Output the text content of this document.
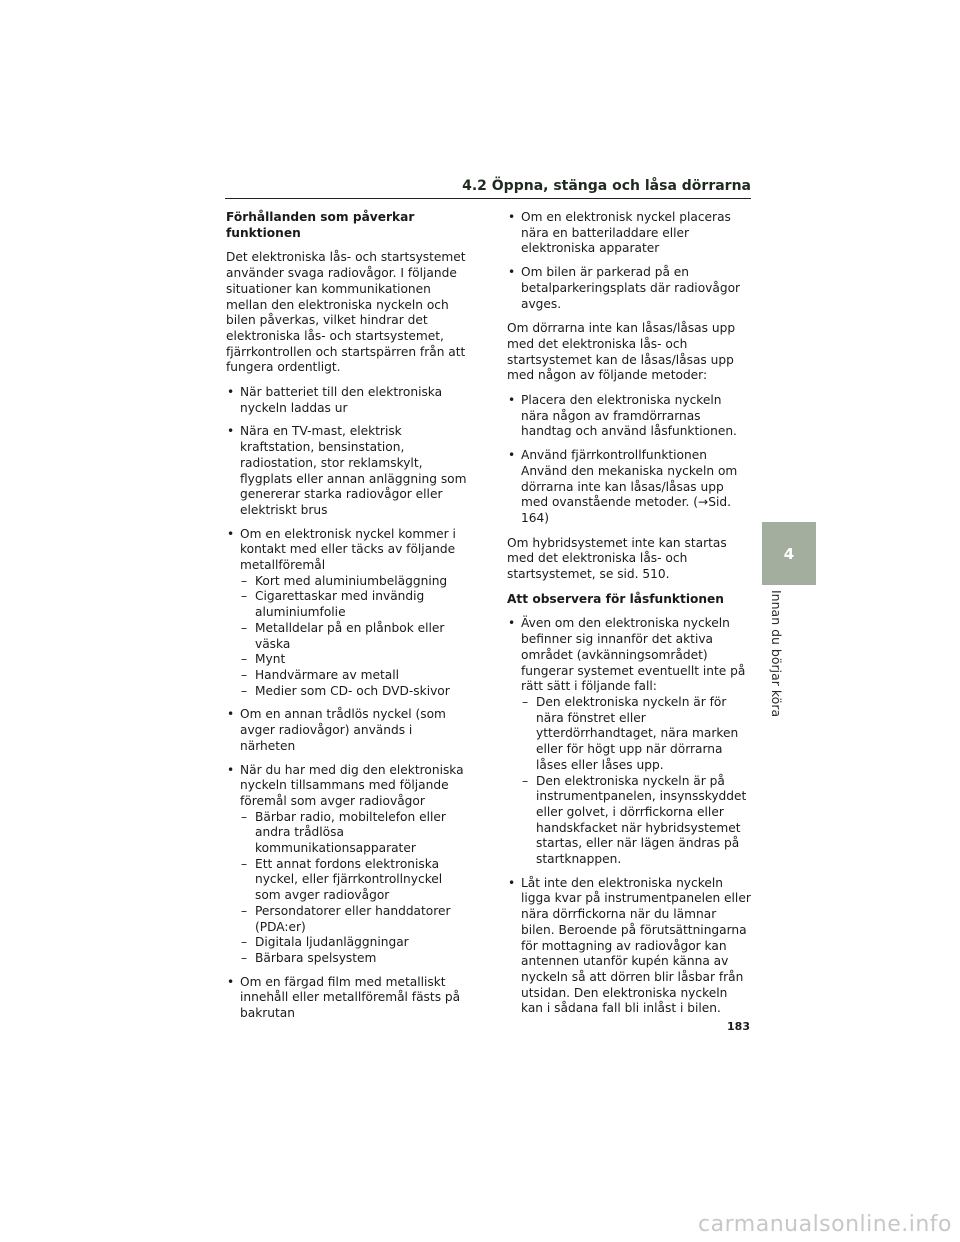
4.2 Öppna, stänga och låsa dörrarna
Förhållanden som påverkar funktionen
Det elektroniska lås- och startsystemet använder svaga radiovågor. I följande situationer kan kommunikationen mellan den elektroniska nyckeln och bilen påverkas, vilket hindrar det elektroniska lås- och startsystemet, fjärrkontrollen och startspärren från att fungera ordentligt.
• När batteriet till den elektroniska nyckeln laddas ur
• Nära en TV-mast, elektrisk kraftstation, bensinstation, radiostation, stor reklamskylt, flygplats eller annan anläggning som genererar starka radiovågor eller elektriskt brus
• Om en elektronisk nyckel kommer i kontakt med eller täcks av följande metallföremål
– Kort med aluminiumbeläggning
– Cigarettaskar med invändig aluminiumfolie
– Metalldelar på en plånbok eller väska
– Mynt
– Handvärmare av metall
– Medier som CD- och DVD-skivor
• Om en annan trådlös nyckel (som avger radiovågor) används i närheten
• När du har med dig den elektroniska nyckeln tillsammans med följande föremål som avger radiovågor
– Bärbar radio, mobiltelefon eller andra trådlösa kommunikationsapparater
– Ett annat fordons elektroniska nyckel, eller fjärrkontrollnyckel som avger radiovågor
– Persondatorer eller handdatorer (PDA:er)
– Digitala ljudanläggningar
– Bärbara spelsystem
• Om en färgad film med metalliskt innehåll eller metallföremål fästs på bakrutan
• Om en elektronisk nyckel placeras nära en batteriladdare eller elektroniska apparater
• Om bilen är parkerad på en betalparkeringsplats där radiovågor avges.
Om dörrarna inte kan låsas/låsas upp med det elektroniska lås- och startsystemet kan de låsas/låsas upp med någon av följande metoder:
• Placera den elektroniska nyckeln nära någon av framdörrarnas handtag och använd låsfunktionen.
• Använd fjärrkontrollfunktionen Använd den mekaniska nyckeln om dörrarna inte kan låsas/låsas upp med ovanstående metoder. (→Sid. 164)
Om hybridsystemet inte kan startas med det elektroniska lås- och startsystemet, se sid. 510.
Att observera för låsfunktionen
• Även om den elektroniska nyckeln befinner sig innanför det aktiva området (avkänningsområdet) fungerar systemet eventuellt inte på rätt sätt i följande fall:
– Den elektroniska nyckeln är för nära fönstret eller ytterdörrhandtaget, nära marken eller för högt upp när dörrarna låses eller låses upp.
– Den elektroniska nyckeln är på instrumentpanelen, insynsskyddet eller golvet, i dörrfickorna eller handskfacket när hybridsystemet startas, eller när lägen ändras på startknappen.
• Låt inte den elektroniska nyckeln ligga kvar på instrumentpanelen eller nära dörrfickorna när du lämnar bilen. Beroende på förutsättningarna för mottagning av radiovågor kan antennen utanför kupén känna av nyckeln så att dörren blir låsbar från utsidan. Den elektroniska nyckeln kan i sådana fall bli inlåst i bilen.
4
Innan du börjar köra
183
carmanualsonline.info
